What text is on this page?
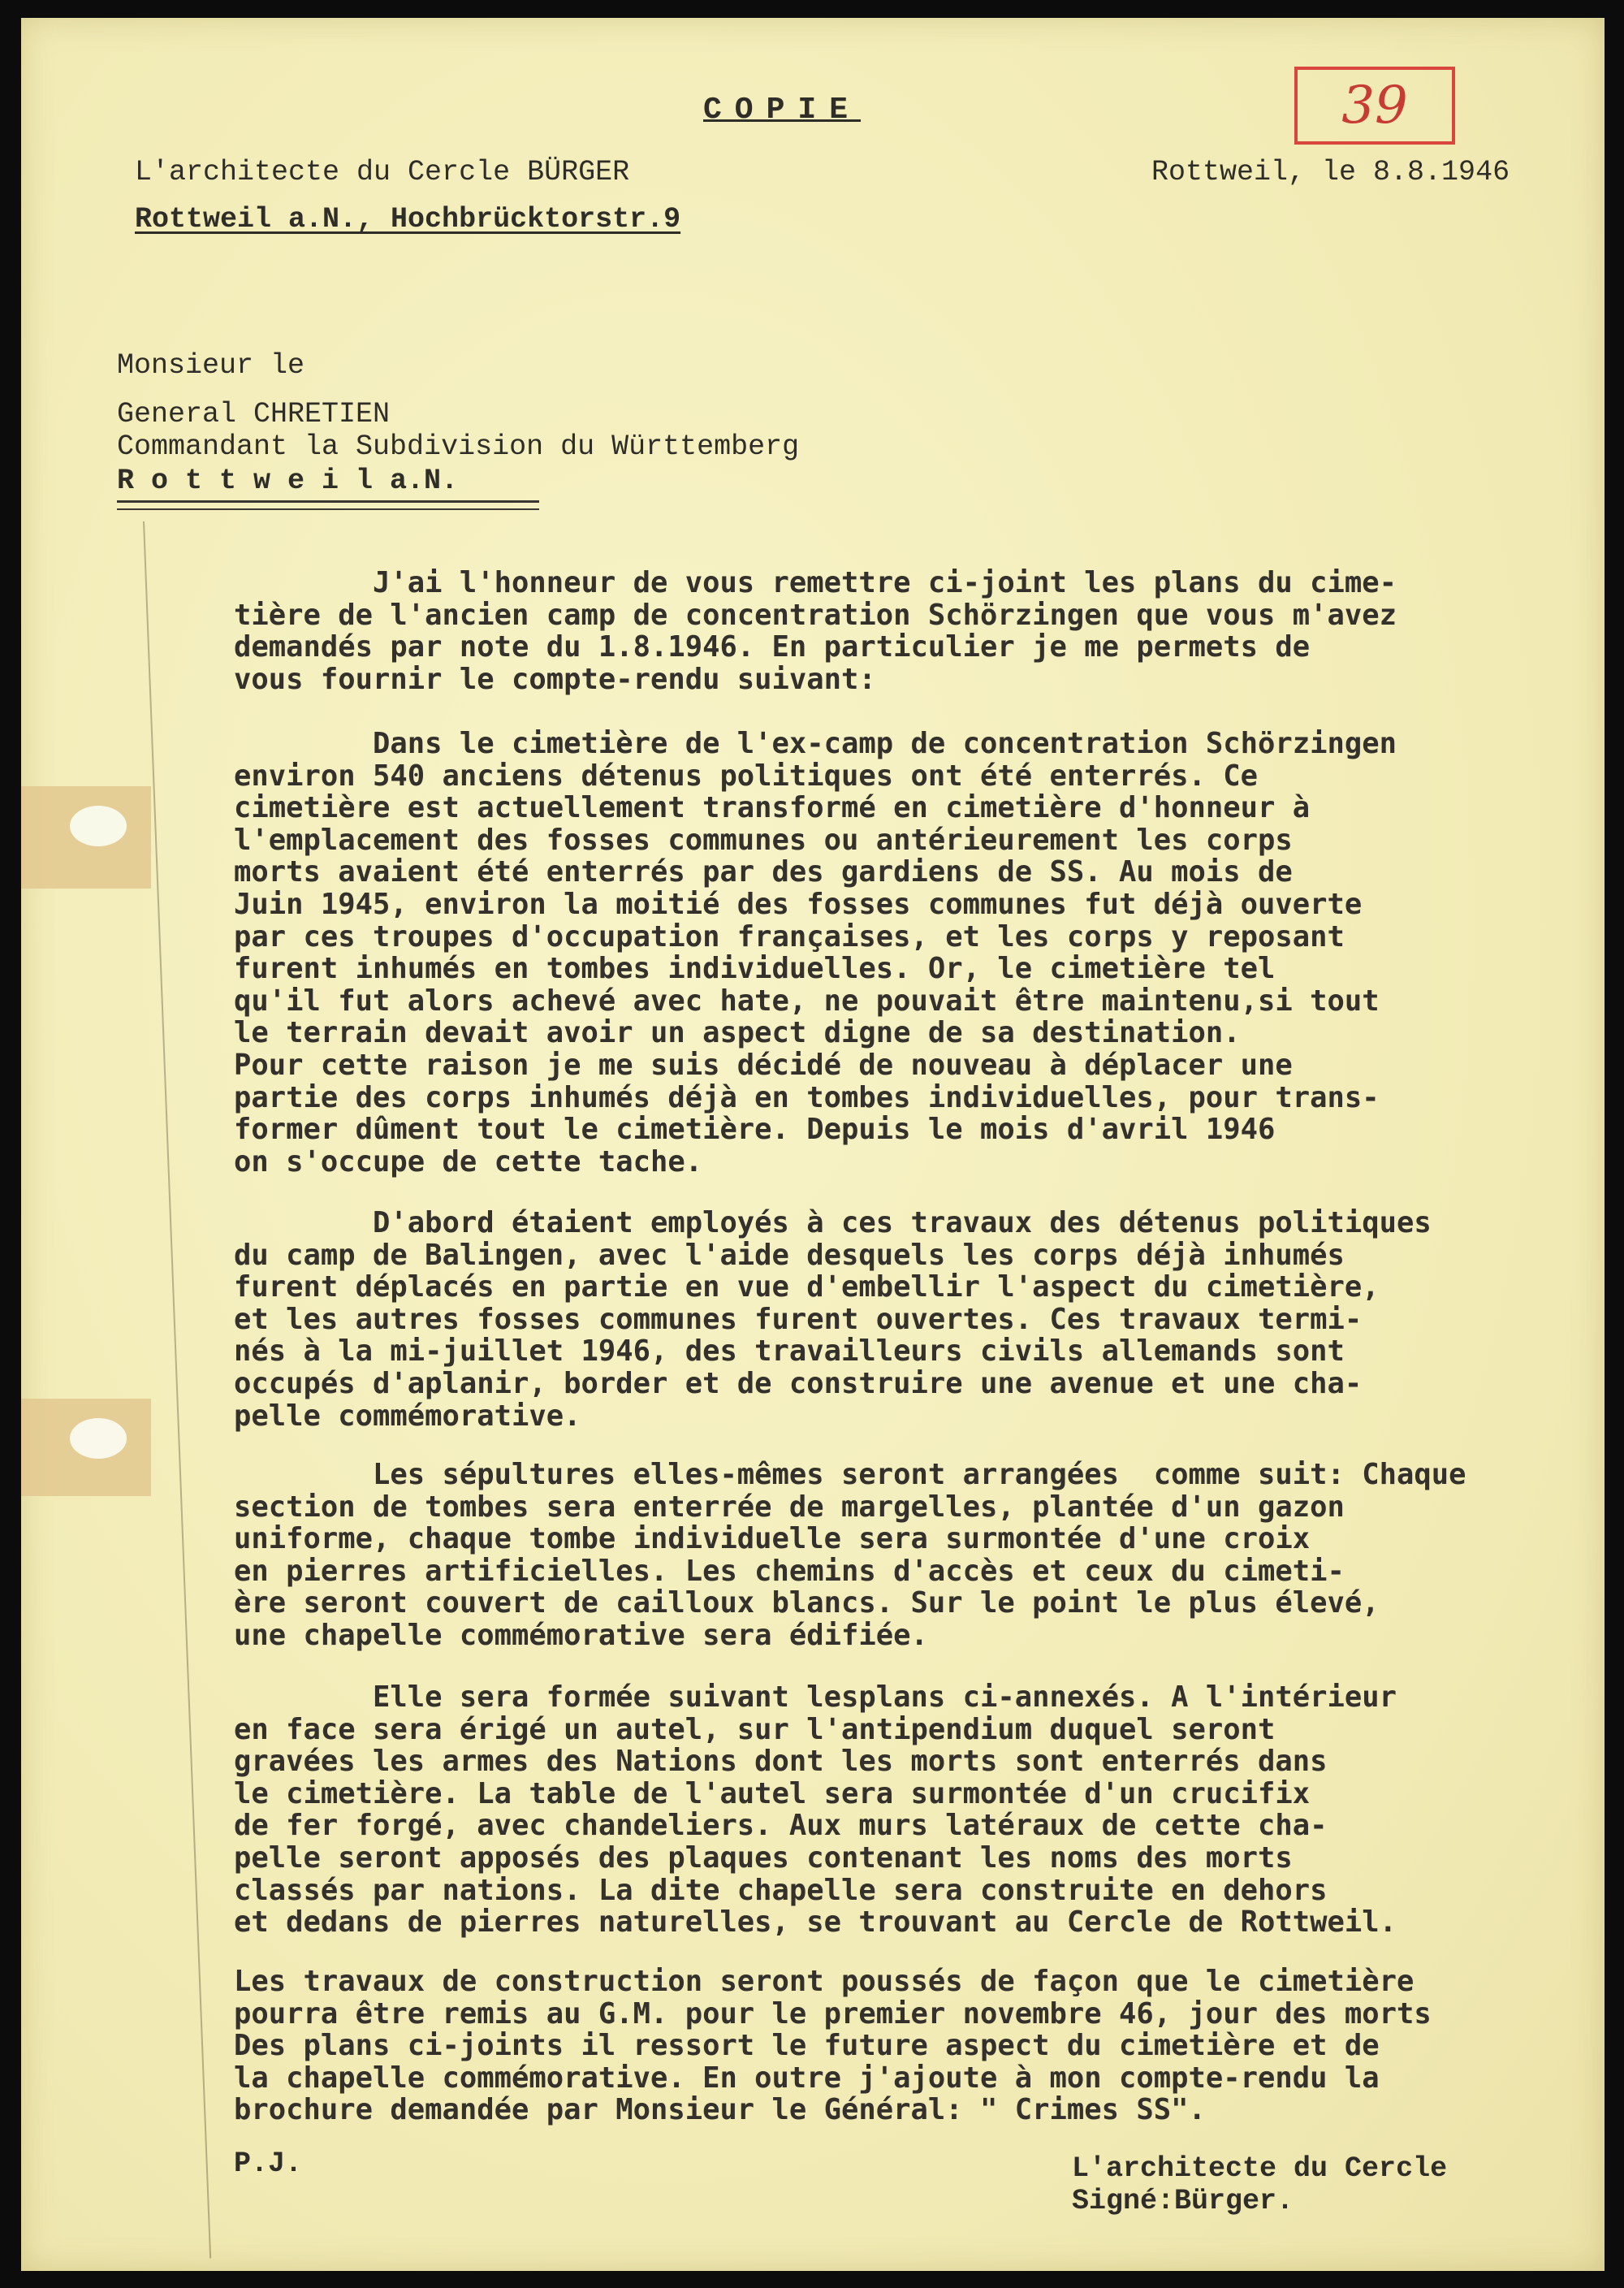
39
COPIE
L'architecte du Cercle BÜRGER
Rottweil a.N., Hochbrücktorstr.9
Rottweil, le 8.8.1946
Monsieur le
General CHRETIEN
Commandant la Subdivision du Württemberg
R o t t w e i l a.N.
J'ai l'honneur de vous remettre ci-joint les plans du cime-
tière de l'ancien camp de concentration Schörzingen que vous m'avez
demandés par note du 1.8.1946. En particulier je me permets de
vous fournir le compte-rendu suivant:
Dans le cimetière de l'ex-camp de concentration Schörzingen
environ 540 anciens détenus politiques ont été enterrés. Ce
cimetière est actuellement transformé en cimetière d'honneur à
l'emplacement des fosses communes ou antérieurement les corps
morts avaient été enterrés par des gardiens de SS. Au mois de
Juin 1945, environ la moitié des fosses communes fut déjà ouverte
par ces troupes d'occupation françaises, et les corps y reposant
furent inhumés en tombes individuelles. Or, le cimetière tel
qu'il fut alors achevé avec hate, ne pouvait être maintenu,si tout
le terrain devait avoir un aspect digne de sa destination.
Pour cette raison je me suis décidé de nouveau à déplacer une
partie des corps inhumés déjà en tombes individuelles, pour trans-
former dûment tout le cimetière. Depuis le mois d'avril 1946
on s'occupe de cette tache.
D'abord étaient employés à ces travaux des détenus politiques
du camp de Balingen, avec l'aide desquels les corps déjà inhumés
furent déplacés en partie en vue d'embellir l'aspect du cimetière,
et les autres fosses communes furent ouvertes. Ces travaux termi-
nés à la mi-juillet 1946, des travailleurs civils allemands sont
occupés d'aplanir, border et de construire une avenue et une cha-
pelle commémorative.
Les sépultures elles-mêmes seront arrangées  comme suit: Chaque
section de tombes sera enterrée de margelles, plantée d'un gazon
uniforme, chaque tombe individuelle sera surmontée d'une croix
en pierres artificielles. Les chemins d'accès et ceux du cimeti-
ère seront couvert de cailloux blancs. Sur le point le plus élevé,
une chapelle commémorative sera édifiée.
Elle sera formée suivant lesplans ci-annexés. A l'intérieur
en face sera érigé un autel, sur l'antipendium duquel seront
gravées les armes des Nations dont les morts sont enterrés dans
le cimetière. La table de l'autel sera surmontée d'un crucifix
de fer forgé, avec chandeliers. Aux murs latéraux de cette cha-
pelle seront apposés des plaques contenant les noms des morts
classés par nations. La dite chapelle sera construite en dehors
et dedans de pierres naturelles, se trouvant au Cercle de Rottweil.
Les travaux de construction seront poussés de façon que le cimetière
pourra être remis au G.M. pour le premier novembre 46, jour des morts
Des plans ci-joints il ressort le future aspect du cimetière et de
la chapelle commémorative. En outre j'ajoute à mon compte-rendu la
brochure demandée par Monsieur le Général: " Crimes SS".
P.J.	L'architecte du Cercle
Signé:Bürger.
